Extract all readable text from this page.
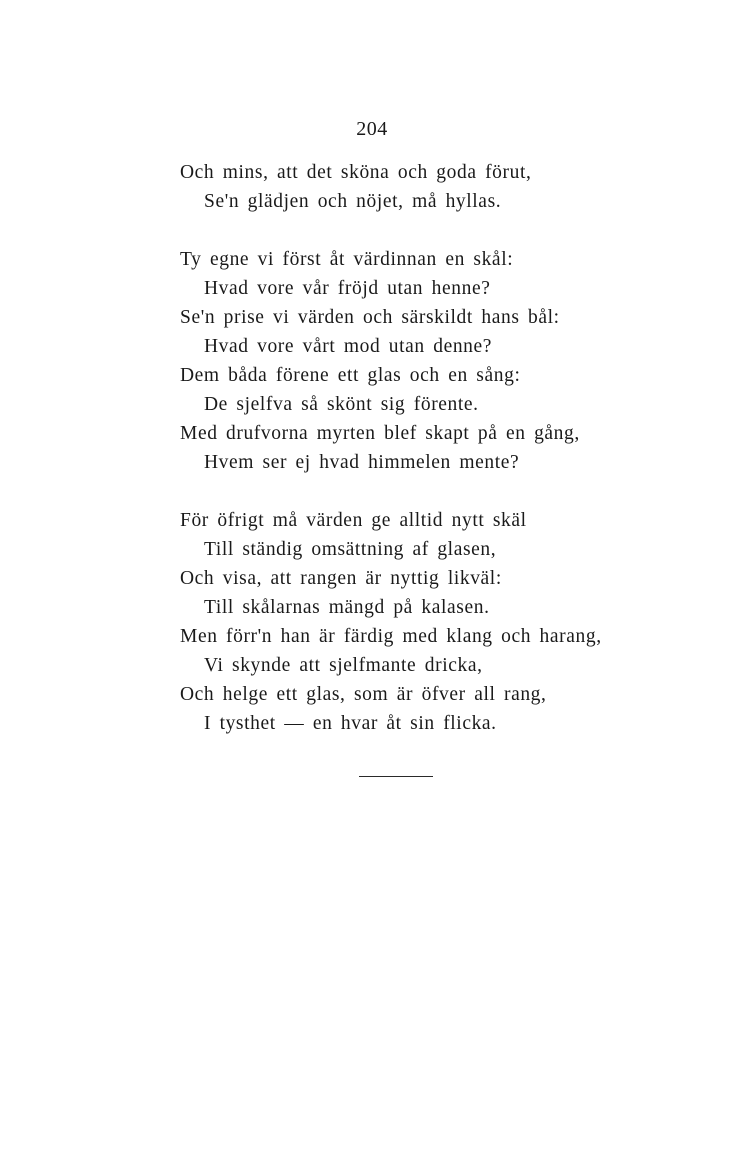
204
Och mins, att det sköna och goda förut,
Se'n glädjen och nöjet, må hyllas.
Ty egne vi först åt värdinnan en skål:
Hvad vore vår fröjd utan henne?
Se'n prise vi värden och särskildt hans bål:
Hvad vore vårt mod utan denne?
Dem båda förene ett glas och en sång:
De sjelfva så skönt sig förente.
Med drufvorna myrten blef skapt på en gång,
Hvem ser ej hvad himmelen mente?
För öfrigt må värden ge alltid nytt skäl
Till ständig omsättning af glasen,
Och visa, att rangen är nyttig likväl:
Till skålarnas mängd på kalasen.
Men förr'n han är färdig med klang och harang,
Vi skynde att sjelfmante dricka,
Och helge ett glas, som är öfver all rang,
I tysthet — en hvar åt sin flicka.
